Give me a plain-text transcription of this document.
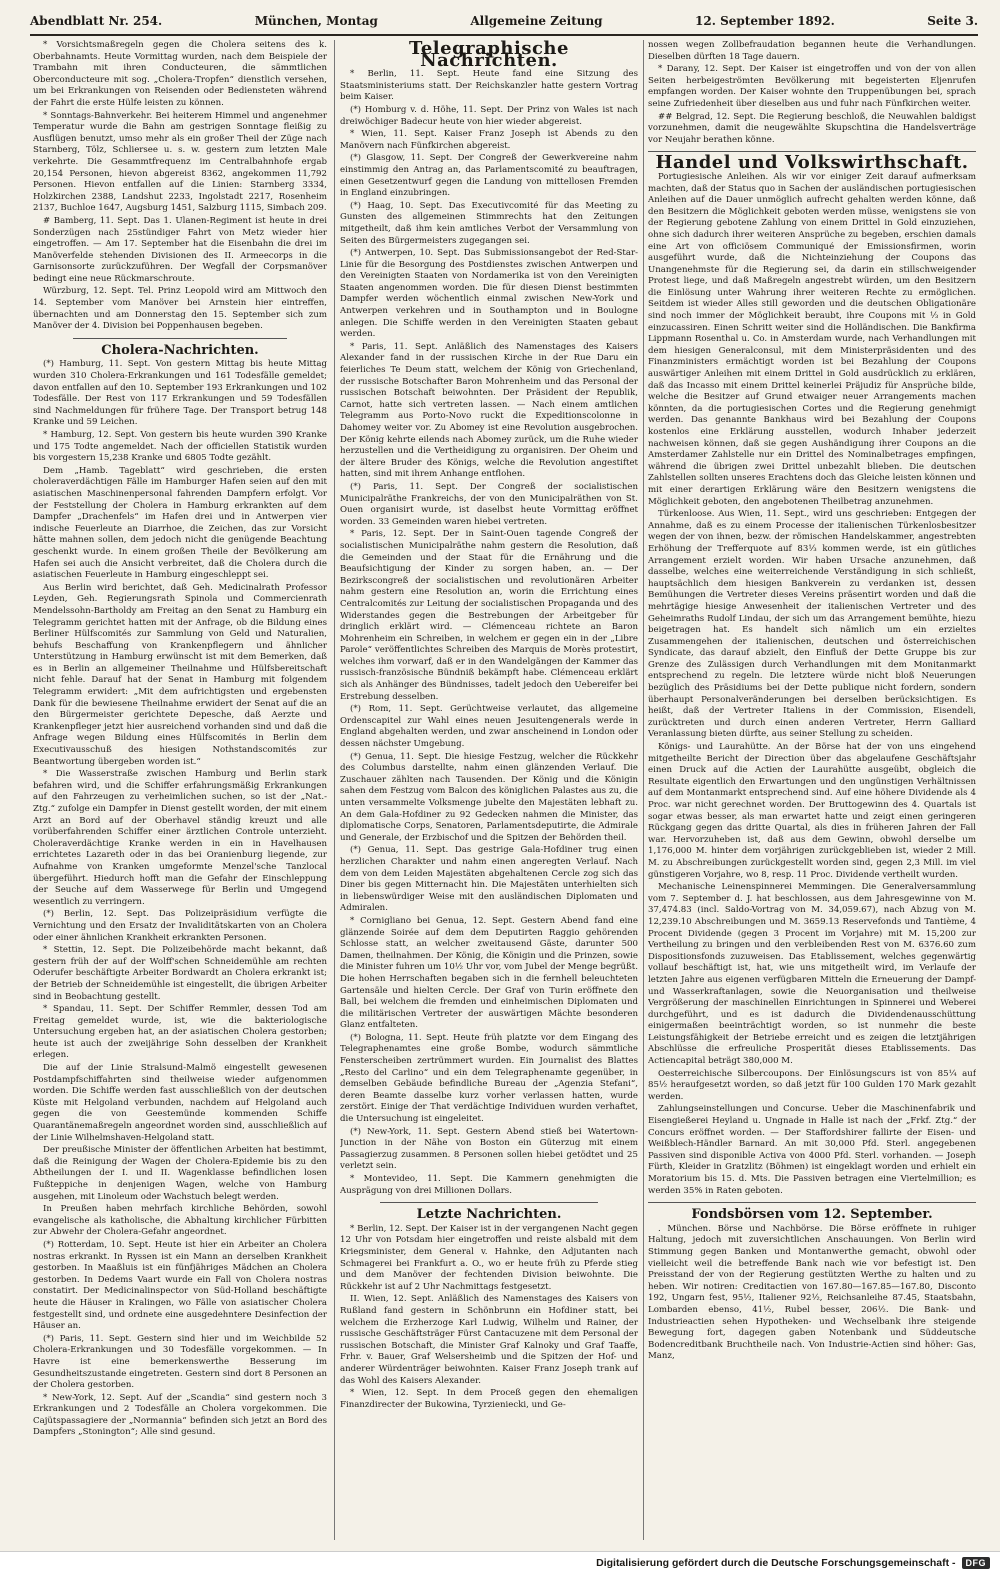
Abendblatt Nr. 254.	München, Montag	Allgemeine Zeitung	12. September 1892.	Seite 3.

* Vorsichtsmaßregeln gegen die Cholera seitens des k. Oberbahnamts. Heute Vormittag wurden, nach dem Beispiele der Trambahn mit ihren Conducteuren, die sämmtlichen Oberconducteure mit sog. „Cholera-Tropfen“ dienstlich versehen, um bei Erkrankungen von Reisenden oder Bediensteten während der Fahrt die erste Hülfe leisten zu können.

* Sonntags-Bahnverkehr. Bei heiterem Himmel und angenehmer Temperatur wurde die Bahn am gestrigen Sonntage fleißig zu Ausflügen benutzt, umso mehr als ein großer Theil der Züge nach Starnberg, Tölz, Schliersee u. s. w. gestern zum letzten Male verkehrte. Die Gesammtfrequenz im Centralbahnhofe ergab 20,154 Personen, hievon abgereist 8362, angekommen 11,792 Personen. Hievon entfallen auf die Linien: Starnberg 3334, Holzkirchen 2388, Landshut 2233, Ingolstadt 2217, Rosenheim 2137, Buchloe 1647, Augsburg 1451, Salzburg 1115, Simbach 209.

# Bamberg, 11. Sept. Das 1. Ulanen-Regiment ist heute in drei Sonderzügen nach 25stündiger Fahrt von Metz wieder hier eingetroffen. — Am 17. September hat die Eisenbahn die drei im Manöverfelde stehenden Divisionen des II. Armeecorps in die Garnisonsorte zurückzuführen. Der Wegfall der Corpsmanöver bedingt eine neue Rückmarschroute.

Würzburg, 12. Sept. Tel. Prinz Leopold wird am Mittwoch den 14. September vom Manöver bei Arnstein hier eintreffen, übernachten und am Donnerstag den 15. September sich zum Manöver der 4. Division bei Poppenhausen begeben.

Cholera-Nachrichten.

(*) Hamburg, 11. Sept. Von gestern Mittag bis heute Mittag wurden 310 Cholera-Erkrankungen und 161 Todesfälle gemeldet; davon entfallen auf den 10. September 193 Erkrankungen und 102 Todesfälle. Der Rest von 117 Erkrankungen und 59 Todesfällen sind Nachmeldungen für frühere Tage. Der Transport betrug 148 Kranke und 59 Leichen.

* Hamburg, 12. Sept. Von gestern bis heute wurden 390 Kranke und 175 Todte angemeldet. Nach der officiellen Statistik wurden bis vorgestern 15,238 Kranke und 6805 Todte gezählt.

Dem „Hamb. Tageblatt“ wird geschrieben, die ersten choleraverdächtigen Fälle im Hamburger Hafen seien auf den mit asiatischen Maschinenpersonal fahrenden Dampfern erfolgt. Vor der Feststellung der Cholera in Hamburg erkrankten auf dem Dampfer „Drachenfels“ im Hafen drei und in Antwerpen vier indische Feuerleute an Diarrhoe, die Zeichen, das zur Vorsicht hätte mahnen sollen, dem jedoch nicht die genügende Beachtung geschenkt wurde. In einem großen Theile der Bevölkerung am Hafen sei auch die Ansicht verbreitet, daß die Cholera durch die asiatischen Feuerleute in Hamburg eingeschleppt sei.

Aus Berlin wird berichtet, daß Geh. Medicinalrath Professor Leyden, Geh. Regierungsrath Spinola und Commercienrath Mendelssohn-Bartholdy am Freitag an den Senat zu Hamburg ein Telegramm gerichtet hatten mit der Anfrage, ob die Bildung eines Berliner Hülfscomités zur Sammlung von Geld und Naturalien, behufs Beschaffung von Krankenpflegern und ähnlicher Unterstützung in Hamburg erwünscht ist mit dem Bemerken, daß es in Berlin an allgemeiner Theilnahme und Hülfsbereitschaft nicht fehle. Darauf hat der Senat in Hamburg mit folgendem Telegramm erwidert: „Mit dem aufrichtigsten und ergebensten Dank für die bewiesene Theilnahme erwidert der Senat auf die an den Bürgermeister gerichtete Depesche, daß Aerzte und Krankenpfleger jetzt hier ausreichend vorhanden sind und daß die Anfrage wegen Bildung eines Hülfscomités in Berlin dem Executivausschuß des hiesigen Nothstandscomités zur Beantwortung übergeben worden ist.“

* Die Wasserstraße zwischen Hamburg und Berlin stark befahren wird, und die Schiffer erfahrungsmäßig Erkrankungen auf den Fahrzeugen zu verheimlichen suchen, so ist der „Nat.-Ztg.“ zufolge ein Dampfer in Dienst gestellt worden, der mit einem Arzt an Bord auf der Oberhavel ständig kreuzt und alle vorüberfahrenden Schiffer einer ärztlichen Controle unterzieht. Choleraverdächtige Kranke werden in ein in Havelhausen errichtetes Lazareth oder in das bei Oranienburg liegende, zur Aufnahme von Kranken umgeformte Menzel'sche Tanzlocal übergeführt. Hiedurch hofft man die Gefahr der Einschleppung der Seuche auf dem Wasserwege für Berlin und Umgegend wesentlich zu verringern.

(*) Berlin, 12. Sept. Das Polizeipräsidium verfügte die Vernichtung und den Ersatz der Invaliditätskarten von an Cholera oder einer ähnlichen Krankheit erkrankten Personen.

* Stettin, 12. Sept. Die Polizeibehörde macht bekannt, daß gestern früh der auf der Wolff'schen Schneidemühle am rechten Oderufer beschäftigte Arbeiter Bordwardt an Cholera erkrankt ist; der Betrieb der Schneidemühle ist eingestellt, die übrigen Arbeiter sind in Beobachtung gestellt.

* Spandau, 11. Sept. Der Schiffer Remmler, dessen Tod am Freitag gemeldet wurde, ist, wie die bakteriologische Untersuchung ergeben hat, an der asiatischen Cholera gestorben; heute ist auch der zweijährige Sohn desselben der Krankheit erlegen.

Die auf der Linie Stralsund-Malmö eingestellt gewesenen Postdampfschiffahrten sind theilweise wieder aufgenommen worden. Die Schiffe werden fast ausschließlich von der deutschen Küste mit Helgoland verbunden, nachdem auf Helgoland auch gegen die von Geestemünde kommenden Schiffe Quarantänemaßregeln angeordnet worden sind, ausschließlich auf der Linie Wilhelmshaven-Helgoland statt.

Der preußische Minister der öffentlichen Arbeiten hat bestimmt, daß die Reinigung der Wagen der Cholera-Epidemie bis zu den Abtheilungen der I. und II. Wagenklasse befindlichen losen Fußteppiche in denjenigen Wagen, welche von Hamburg ausgehen, mit Linoleum oder Wachstuch belegt werden.

In Preußen haben mehrfach kirchliche Behörden, sowohl evangelische als katholische, die Abhaltung kirchlicher Fürbitten zur Abwehr der Cholera-Gefahr angeordnet.

(*) Rotterdam, 10. Sept. Heute ist hier ein Arbeiter an Cholera nostras erkrankt. In Ryssen ist ein Mann an derselben Krankheit gestorben. In Maaßluis ist ein fünfjähriges Mädchen an Cholera gestorben. In Dedems Vaart wurde ein Fall von Cholera nostras constatirt. Der Medicinalinspector von Süd-Holland beschäftigte heute die Häuser in Kralingen, wo Fälle von asiatischer Cholera festgestellt sind, und ordnete eine ausgedehntere Desinfection der Häuser an.

(*) Paris, 11. Sept. Gestern sind hier und im Weichbilde 52 Cholera-Erkrankungen und 30 Todesfälle vorgekommen. — In Havre ist eine bemerkenswerthe Besserung im Gesundheitszustande eingetreten. Gestern sind dort 8 Personen an der Cholera gestorben.

* New-York, 12. Sept. Auf der „Scandia“ sind gestern noch 3 Erkrankungen und 2 Todesfälle an Cholera vorgekommen. Die Cajütspassagiere der „Normannia“ befinden sich jetzt an Bord des Dampfers „Stonington“; Alle sind gesund.

Telegraphische Nachrichten.

* Berlin, 11. Sept. Heute fand eine Sitzung des Staatsministeriums statt. Der Reichskanzler hatte gestern Vortrag beim Kaiser.

(*) Homburg v. d. Höhe, 11. Sept. Der Prinz von Wales ist nach dreiwöchiger Badecur heute von hier wieder abgereist.

* Wien, 11. Sept. Kaiser Franz Joseph ist Abends zu den Manövern nach Fünfkirchen abgereist.

(*) Glasgow, 11. Sept. Der Congreß der Gewerkvereine nahm einstimmig den Antrag an, das Parlamentscomité zu beauftragen, einen Gesetzentwurf gegen die Landung von mittellosen Fremden in England einzubringen.

(*) Haag, 10. Sept. Das Executivcomité für das Meeting zu Gunsten des allgemeinen Stimmrechts hat den Zeitungen mitgetheilt, daß ihm kein amtliches Verbot der Versammlung von Seiten des Bürgermeisters zugegangen sei.

(*) Antwerpen, 10. Sept. Das Submissionsangebot der Red-Star-Linie für die Besorgung des Postdienstes zwischen Antwerpen und den Vereinigten Staaten von Nordamerika ist von den Vereinigten Staaten angenommen worden. Die für diesen Dienst bestimmten Dampfer werden wöchentlich einmal zwischen New-York und Antwerpen verkehren und in Southampton und in Boulogne anlegen. Die Schiffe werden in den Vereinigten Staaten gebaut werden.

* Paris, 11. Sept. Anläßlich des Namenstages des Kaisers Alexander fand in der russischen Kirche in der Rue Daru ein feierliches Te Deum statt, welchem der König von Griechenland, der russische Botschafter Baron Mohrenheim und das Personal der russischen Botschaft beiwohnten. Der Präsident der Republik, Carnot, hatte sich vertreten lassen. — Nach einem amtlichen Telegramm aus Porto-Novo ruckt die Expeditionscolonne in Dahomey weiter vor. Zu Abomey ist eine Revolution ausgebrochen. Der König kehrte eilends nach Abomey zurück, um die Ruhe wieder herzustellen und die Vertheidigung zu organisiren. Der Oheim und der ältere Bruder des Königs, welche die Revolution angestiftet hatten, sind mit ihrem Anhange entflohen.

(*) Paris, 11. Sept. Der Congreß der socialistischen Municipalräthe Frankreichs, der von den Municipalräthen von St. Ouen organisirt wurde, ist daselbst heute Vormittag eröffnet worden. 33 Gemeinden waren hiebei vertreten.

* Paris, 12. Sept. Der in Saint-Ouen tagende Congreß der socialistischen Municipalräthe nahm gestern die Resolution, daß die Gemeinden und der Staat für die Ernährung und die Beaufsichtigung der Kinder zu sorgen haben, an. — Der Bezirkscongreß der socialistischen und revolutionären Arbeiter nahm gestern eine Resolution an, worin die Errichtung eines Centralcomités zur Leitung der socialistischen Propaganda und des Widerstandes gegen die Bestrebungen der Arbeitgeber für dringlich erklärt wird. — Clémenceau richtete an Baron Mohrenheim ein Schreiben, in welchem er gegen ein in der „Libre Parole“ veröffentlichtes Schreiben des Marquis de Morès protestirt, welches ihm vorwarf, daß er in den Wandelgängen der Kammer das russisch-französische Bündniß bekämpft habe. Clémenceau erklärt sich als Anhänger des Bündnisses, tadelt jedoch den Uebereifer bei Erstrebung desselben.

(*) Rom, 11. Sept. Gerüchtweise verlautet, das allgemeine Ordenscapitel zur Wahl eines neuen Jesuitengenerals werde in England abgehalten werden, und zwar anscheinend in London oder dessen nächster Umgebung.

(*) Genua, 11. Sept. Die hiesige Festzug, welcher die Rückkehr des Columbus darstellte, nahm einen glänzenden Verlauf. Die Zuschauer zählten nach Tausenden. Der König und die Königin sahen dem Festzug vom Balcon des königlichen Palastes aus zu, die unten versammelte Volksmenge jubelte den Majestäten lebhaft zu. An dem Gala-Hofdiner zu 92 Gedecken nahmen die Minister, das diplomatische Corps, Senatoren, Parlamentsdeputirte, die Admirale und Generale, der Erzbischof und die Spitzen der Behörden theil.

(*) Genua, 11. Sept. Das gestrige Gala-Hofdiner trug einen herzlichen Charakter und nahm einen angeregten Verlauf. Nach dem von dem Leiden Majestäten abgehaltenen Cercle zog sich das Diner bis gegen Mitternacht hin. Die Majestäten unterhielten sich in liebenswürdiger Weise mit den ausländischen Diplomaten und Admiralen.

* Cornigliano bei Genua, 12. Sept. Gestern Abend fand eine glänzende Soirée auf dem dem Deputirten Raggio gehörenden Schlosse statt, an welcher zweitausend Gäste, darunter 500 Damen, theilnahmen. Der König, die Königin und die Prinzen, sowie die Minister fuhren um 10½ Uhr vor, vom Jubel der Menge begrüßt. Die hohen Herrschaften begaben sich in die fernhell beleuchteten Gartensäle und hielten Cercle. Der Graf von Turin eröffnete den Ball, bei welchem die fremden und einheimischen Diplomaten und die militärischen Vertreter der auswärtigen Mächte besonderen Glanz entfalteten.

(*) Bologna, 11. Sept. Heute früh platzte vor dem Eingang des Telegraphenamtes eine große Bombe, wodurch sämmtliche Fensterscheiben zertrümmert wurden. Ein Journalist des Blattes „Resto del Carlino“ und ein dem Telegraphenamte gegenüber, in demselben Gebäude befindliche Bureau der „Agenzia Stefani“, deren Beamte dasselbe kurz vorher verlassen hatten, wurde zerstört. Einige der That verdächtige Individuen wurden verhaftet, die Untersuchung ist eingeleitet.

(*) New-York, 11. Sept. Gestern Abend stieß bei Watertown-Junction in der Nähe von Boston ein Güterzug mit einem Passagierzug zusammen. 8 Personen sollen hiebei getödtet und 25 verletzt sein.

* Montevideo, 11. Sept. Die Kammern genehmigten die Ausprägung von drei Millionen Dollars.

Letzte Nachrichten.

* Berlin, 12. Sept. Der Kaiser ist in der vergangenen Nacht gegen 12 Uhr von Potsdam hier eingetroffen und reiste alsbald mit dem Kriegsminister, dem General v. Hahnke, den Adjutanten nach Schmagerei bei Frankfurt a. O., wo er heute früh zu Pferde stieg und dem Manöver der fechtenden Division beiwohnte. Die Rückkehr ist auf 2 Uhr Nachmittags festgesetzt.

II. Wien, 12. Sept. Anläßlich des Namenstages des Kaisers von Rußland fand gestern in Schönbrunn ein Hofdiner statt, bei welchem die Erzherzoge Karl Ludwig, Wilhelm und Rainer, der russische Geschäftsträger Fürst Cantacuzene mit dem Personal der russischen Botschaft, die Minister Graf Kalnoky und Graf Taaffe, Frhr. v. Bauer, Graf Welsersheimb und die Spitzen der Hof- und anderer Würdenträger beiwohnten. Kaiser Franz Joseph trank auf das Wohl des Kaisers Alexander.

* Wien, 12. Sept. In dem Proceß gegen den ehemaligen Finanzdirecter der Bukowina, Tyrzieniecki, und Ge-

nossen wegen Zollbefraudation begannen heute die Verhandlungen. Dieselben dürften 18 Tage dauern.

* Darany, 12. Sept. Der Kaiser ist eingetroffen und von der von allen Seiten herbeigeströmten Bevölkerung mit begeisterten Eljenrufen empfangen worden. Der Kaiser wohnte den Truppenübungen bei, sprach seine Zufriedenheit über dieselben aus und fuhr nach Fünfkirchen weiter.

## Belgrad, 12. Sept. Die Regierung beschloß, die Neuwahlen baldigst vorzunehmen, damit die neugewählte Skupschtina die Handelsverträge vor Neujahr berathen könne.

Handel und Volkswirthschaft.

Portugiesische Anleihen. Als wir vor einiger Zeit darauf aufmerksam machten, daß der Status quo in Sachen der ausländischen portugiesischen Anleihen auf die Dauer unmöglich aufrecht gehalten werden könne, daß den Besitzern die Möglichkeit geboten werden müsse, wenigstens sie von der Regierung gebotene Zahlung von einem Drittel in Gold einzuziehen, ohne sich dadurch ihrer weiteren Ansprüche zu begeben, erschien damals eine Art von officiösem Communiqué der Emissionsfirmen, worin ausgeführt wurde, daß die Nichteinziehung der Coupons das Unangenehmste für die Regierung sei, da darin ein stillschweigender Protest liege, und daß Maßregeln angestrebt würden, um den Besitzern die Einlösung unter Wahrung ihrer weiteren Rechte zu ermöglichen. Seitdem ist wieder Alles still geworden und die deutschen Obligationäre sind noch immer der Möglichkeit beraubt, ihre Coupons mit ⅓ in Gold einzucassiren. Einen Schritt weiter sind die Holländischen. Die Bankfirma Lippmann Rosenthal u. Co. in Amsterdam wurde, nach Verhandlungen mit dem hiesigen Generalconsul, mit dem Ministerpräsidenten und des Finanzministers ermächtigt worden ist bei Bezahlung der Coupons auswärtiger Anleihen mit einem Drittel in Gold ausdrücklich zu erklären, daß das Incasso mit einem Drittel keinerlei Präjudiz für Ansprüche bilde, welche die Besitzer auf Grund etwaiger neuer Arrangements machen könnten, da die portugiesischen Cortes und die Regierung genehmigt werden. Das genannte Bankhaus wird bei Bezahlung der Coupons kostenlos eine Erklärung ausstellen, wodurch Inhaber jederzeit nachweisen können, daß sie gegen Aushändigung ihrer Coupons an die Amsterdamer Zahlstelle nur ein Drittel des Nominalbetrages empfingen, während die übrigen zwei Drittel unbezahlt blieben. Die deutschen Zahlstellen sollten unseres Erachtens doch das Gleiche leisten können und mit einer derartigen Erklärung wäre den Besitzern wenigstens die Möglichkeit geboten, den angebotenen Theilbetrag anzunehmen.

Türkenloose. Aus Wien, 11. Sept., wird uns geschrieben: Entgegen der Annahme, daß es zu einem Processe der italienischen Türkenlosbesitzer wegen der von ihnen, bezw. der römischen Handelskammer, angestrebten Erhöhung der Trefferquote auf 83⅓ kommen werde, ist ein gütliches Arrangement erzielt worden. Wir haben Ursache anzunehmen, daß dasselbe, welches eine weiterreichende Verständigung in sich schließt, hauptsächlich dem hiesigen Bankverein zu verdanken ist, dessen Bemühungen die Vertreter dieses Vereins präsentirt worden und daß die mehrtägige hiesige Anwesenheit der italienischen Vertreter und des Geheimraths Rudolf Lindau, der sich um das Arrangement bemühte, hiezu beigetragen hat. Es handelt sich nämlich um ein erzieltes Zusammengehen der italienischen, deutschen und österreichischen Syndicate, das darauf abzielt, den Einfluß der Dette Gruppe bis zur Grenze des Zulässigen durch Verhandlungen mit dem Monitanmarkt entsprechend zu regeln. Die letztere würde nicht bloß Neuerungen bezüglich des Präsidiums bei der Dette publique nicht fordern, sondern überhaupt Personalveränderungen bei derselben berücksichtigen. Es heißt, daß der Vertreter Italiens in der Commission, Eisendeli, zurücktreten und durch einen anderen Vertreter, Herrn Galliard Veranlassung bieten dürfte, aus seiner Stellung zu scheiden.

Königs- und Laurahütte. An der Börse hat der von uns eingehend mitgetheilte Bericht der Direction über das abgelaufene Geschäftsjahr einen Druck auf die Actien der Laurahütte ausgeübt, obgleich die Resultate eigentlich den Erwartungen und den ungünstigen Verhältnissen auf dem Montanmarkt entsprechend sind. Auf eine höhere Dividende als 4 Proc. war nicht gerechnet worden. Der Bruttogewinn des 4. Quartals ist sogar etwas besser, als man erwartet hatte und zeigt einen geringeren Rückgang gegen das dritte Quartal, als dies in früheren Jahren der Fall war. Hervorzuheben ist, daß aus dem Gewinn, obwohl derselbe um 1,176,000 M. hinter dem vorjährigen zurückgeblieben ist, wieder 2 Mill. M. zu Abschreibungen zurückgestellt worden sind, gegen 2,3 Mill. im viel günstigeren Vorjahre, wo 8, resp. 11 Proc. Dividende vertheilt wurden.

Mechanische Leinenspinnerei Memmingen. Die Generalversammlung vom 7. September d. J. hat beschlossen, aus dem Jahresgewinne von M. 37,474.83 (incl. Saldo-Vortrag von M. 34,059.67), nach Abzug von M. 12,239.10 Abschreibungen und M. 3659.13 Reservefonds und Tantième, 4 Procent Dividende (gegen 3 Procent im Vorjahre) mit M. 15,200 zur Vertheilung zu bringen und den verbleibenden Rest von M. 6376.60 zum Dispositionsfonds zuzuweisen. Das Etablissement, welches gegenwärtig vollauf beschäftigt ist, hat, wie uns mitgetheilt wird, im Verlaufe der letzten Jahre aus eigenen verfügbaren Mitteln die Erneuerung der Dampf- und Wasserkraftanlagen, sowie die Neuorganisation und theilweise Vergrößerung der maschinellen Einrichtungen in Spinnerei und Weberei durchgeführt, und es ist dadurch die Dividendenausschüttung einigermaßen beeinträchtigt worden, so ist nunmehr die beste Leistungsfähigkeit der Betriebe erreicht und es zeigen die letztjährigen Abschlüsse die erfreuliche Prosperität dieses Etablissements. Das Actiencapital beträgt 380,000 M.

Oesterreichische Silbercoupons. Der Einlösungscurs ist von 85¼ auf 85½ heraufgesetzt worden, so daß jetzt für 100 Gulden 170 Mark gezahlt werden.

Zahlungseinstellungen und Concurse. Ueber die Maschinenfabrik und Eisengießerei Heyland u. Ungnade in Halle ist nach der „Frkf. Ztg.“ der Concurs eröffnet worden. — Der Staffordshirer fallirte der Eisen- und Weißblech-Händler Barnard. An mit 30,000 Pfd. Sterl. angegebenen Passiven sind disponible Activa von 4000 Pfd. Sterl. vorhanden. — Joseph Fürth, Kleider in Gratzlitz (Böhmen) ist eingeklagt worden und erhielt ein Moratorium bis 15. d. Mts. Die Passiven betragen eine Viertelmillion; es werden 35% in Raten geboten.

Fondsbörsen vom 12. September.

. München. Börse und Nachbörse. Die Börse eröffnete in ruhiger Haltung, jedoch mit zuversichtlichen Anschauungen. Von Berlin wird Stimmung gegen Banken und Montanwerthe gemacht, obwohl oder vielleicht weil die betreffende Bank nach wie vor befestigt ist. Den Preisstand der von der Regierung gestützten Werthe zu halten und zu heben. Wir notiren: Creditactien von 167.80—167.85—167.80, Disconto 192, Ungarn fest, 95½, Italiener 92½, Reichsanleihe 87.45, Staatsbahn, Lombarden ebenso, 41½, Rubel besser, 206½. Die Bank- und Industrieactien sehen Hypotheken- und Wechselbank ihre steigende Bewegung fort, dagegen gaben Notenbank und Süddeutsche Bodencreditbank Bruchtheile nach. Von Industrie-Actien sind höher: Gas, Manz,

Digitalisierung gefördert durch die Deutsche Forschungsgemeinschaft -	DFG
